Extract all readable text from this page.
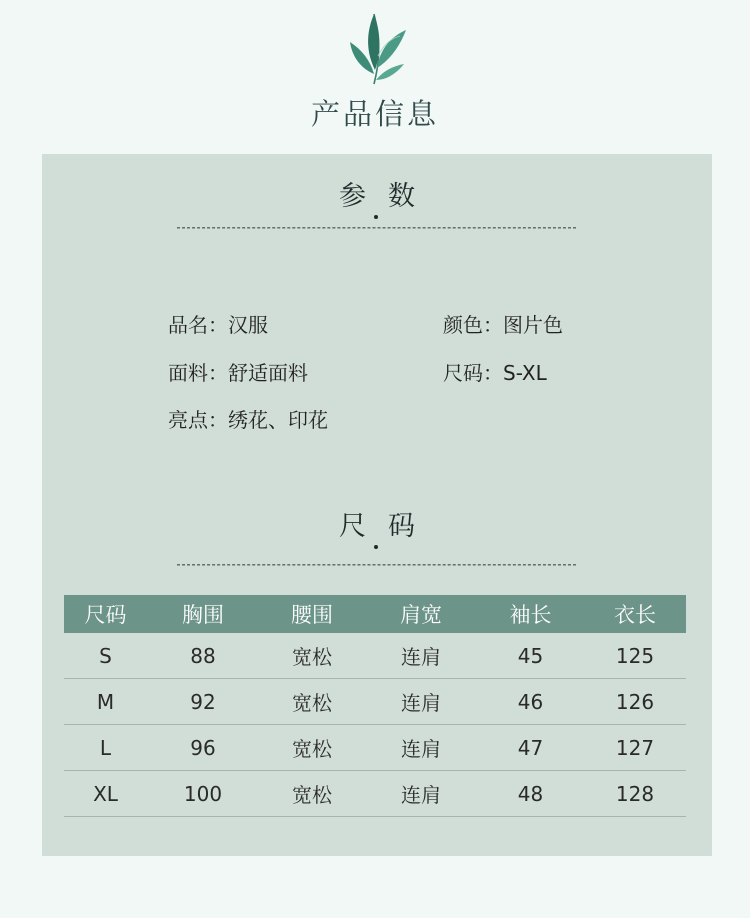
产品信息
参数
品名：汉服	颜色：图片色
面料：舒适面料	尺码：S-XL
亮点：绣花、印花
尺码
尺码	胸围	腰围	肩宽	袖长	衣长
S	88	宽松	连肩	45	125
M	92	宽松	连肩	46	126
L	96	宽松	连肩	47	127
XL	100	宽松	连肩	48	128
